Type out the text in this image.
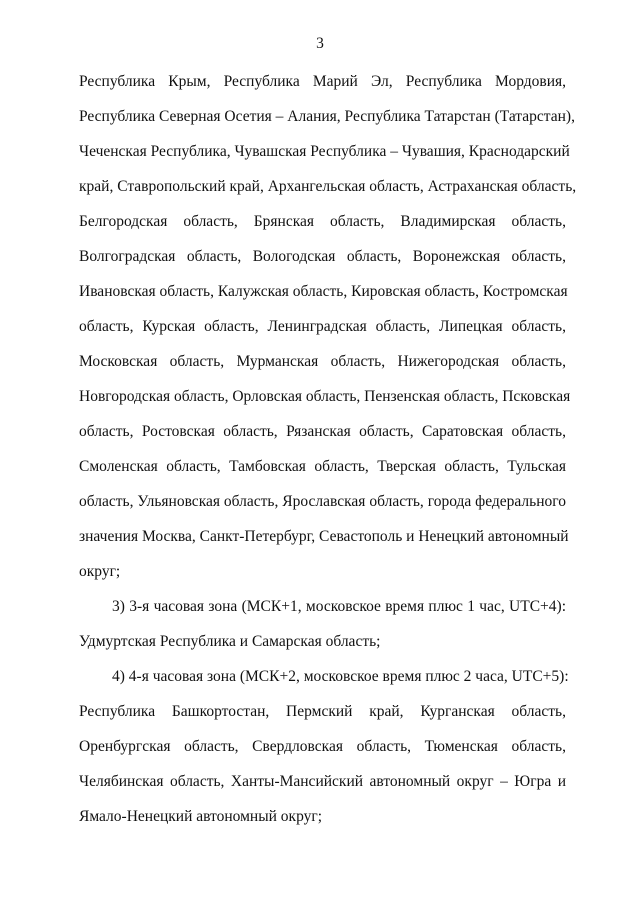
3
Республика Крым, Республика Марий Эл, Республика Мордовия,
Республика Северная Осетия – Алания, Республика Татарстан (Татарстан),
Чеченская Республика, Чувашская Республика – Чувашия, Краснодарский
край, Ставропольский край, Архангельская область, Астраханская область,
Белгородская область, Брянская область, Владимирская область,
Волгоградская область, Вологодская область, Воронежская область,
Ивановская область, Калужская область, Кировская область, Костромская
область, Курская область, Ленинградская область, Липецкая область,
Московская область, Мурманская область, Нижегородская область,
Новгородская область, Орловская область, Пензенская область, Псковская
область, Ростовская область, Рязанская область, Саратовская область,
Смоленская область, Тамбовская область, Тверская область, Тульская
область, Ульяновская область, Ярославская область, города федерального
значения Москва, Санкт-Петербург, Севастополь и Ненецкий автономный
округ;
3) 3-я часовая зона (МСК+1, московское время плюс 1 час, UTC+4):
Удмуртская Республика и Самарская область;
4) 4-я часовая зона (МСК+2, московское время плюс 2 часа, UTC+5):
Республика Башкортостан, Пермский край, Курганская область,
Оренбургская область, Свердловская область, Тюменская область,
Челябинская область, Ханты-Мансийский автономный округ – Югра и
Ямало-Ненецкий автономный округ;
